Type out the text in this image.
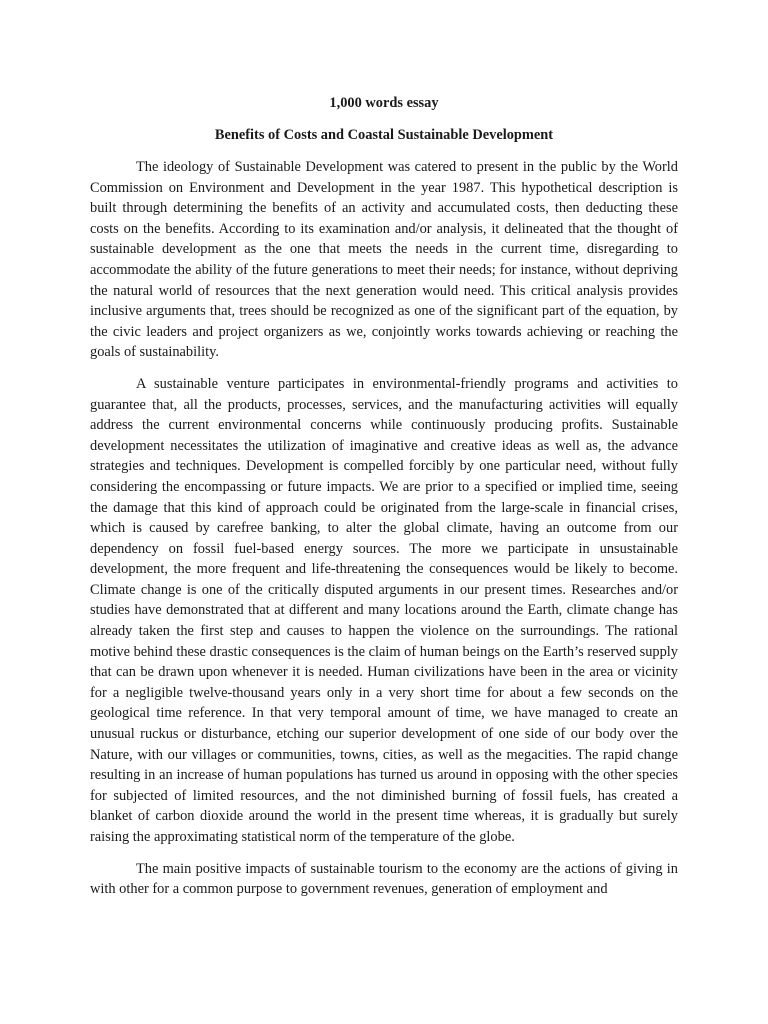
1,000 words essay
Benefits of Costs and Coastal Sustainable Development

The ideology of Sustainable Development was catered to present in the public by the World Commission on Environment and Development in the year 1987. This hypothetical description is built through determining the benefits of an activity and accumulated costs, then deducting these costs on the benefits. According to its examination and/or analysis, it delineated that the thought of sustainable development as the one that meets the needs in the current time, disregarding to accommodate the ability of the future generations to meet their needs; for instance, without depriving the natural world of resources that the next generation would need. This critical analysis provides inclusive arguments that, trees should be recognized as one of the significant part of the equation, by the civic leaders and project organizers as we, conjointly works towards achieving or reaching the goals of sustainability.

A sustainable venture participates in environmental-friendly programs and activities to guarantee that, all the products, processes, services, and the manufacturing activities will equally address the current environmental concerns while continuously producing profits. Sustainable development necessitates the utilization of imaginative and creative ideas as well as, the advance strategies and techniques. Development is compelled forcibly by one particular need, without fully considering the encompassing or future impacts. We are prior to a specified or implied time, seeing the damage that this kind of approach could be originated from the large-scale in financial crises, which is caused by carefree banking, to alter the global climate, having an outcome from our dependency on fossil fuel-based energy sources. The more we participate in unsustainable development, the more frequent and life-threatening the consequences would be likely to become. Climate change is one of the critically disputed arguments in our present times. Researches and/or studies have demonstrated that at different and many locations around the Earth, climate change has already taken the first step and causes to happen the violence on the surroundings. The rational motive behind these drastic consequences is the claim of human beings on the Earth’s reserved supply that can be drawn upon whenever it is needed. Human civilizations have been in the area or vicinity for a negligible twelve-thousand years only in a very short time for about a few seconds on the geological time reference. In that very temporal amount of time, we have managed to create an unusual ruckus or disturbance, etching our superior development of one side of our body over the Nature, with our villages or communities, towns, cities, as well as the megacities. The rapid change resulting in an increase of human populations has turned us around in opposing with the other species for subjected of limited resources, and the not diminished burning of fossil fuels, has created a blanket of carbon dioxide around the world in the present time whereas, it is gradually but surely raising the approximating statistical norm of the temperature of the globe.

The main positive impacts of sustainable tourism to the economy are the actions of giving in with other for a common purpose to government revenues, generation of employment and
